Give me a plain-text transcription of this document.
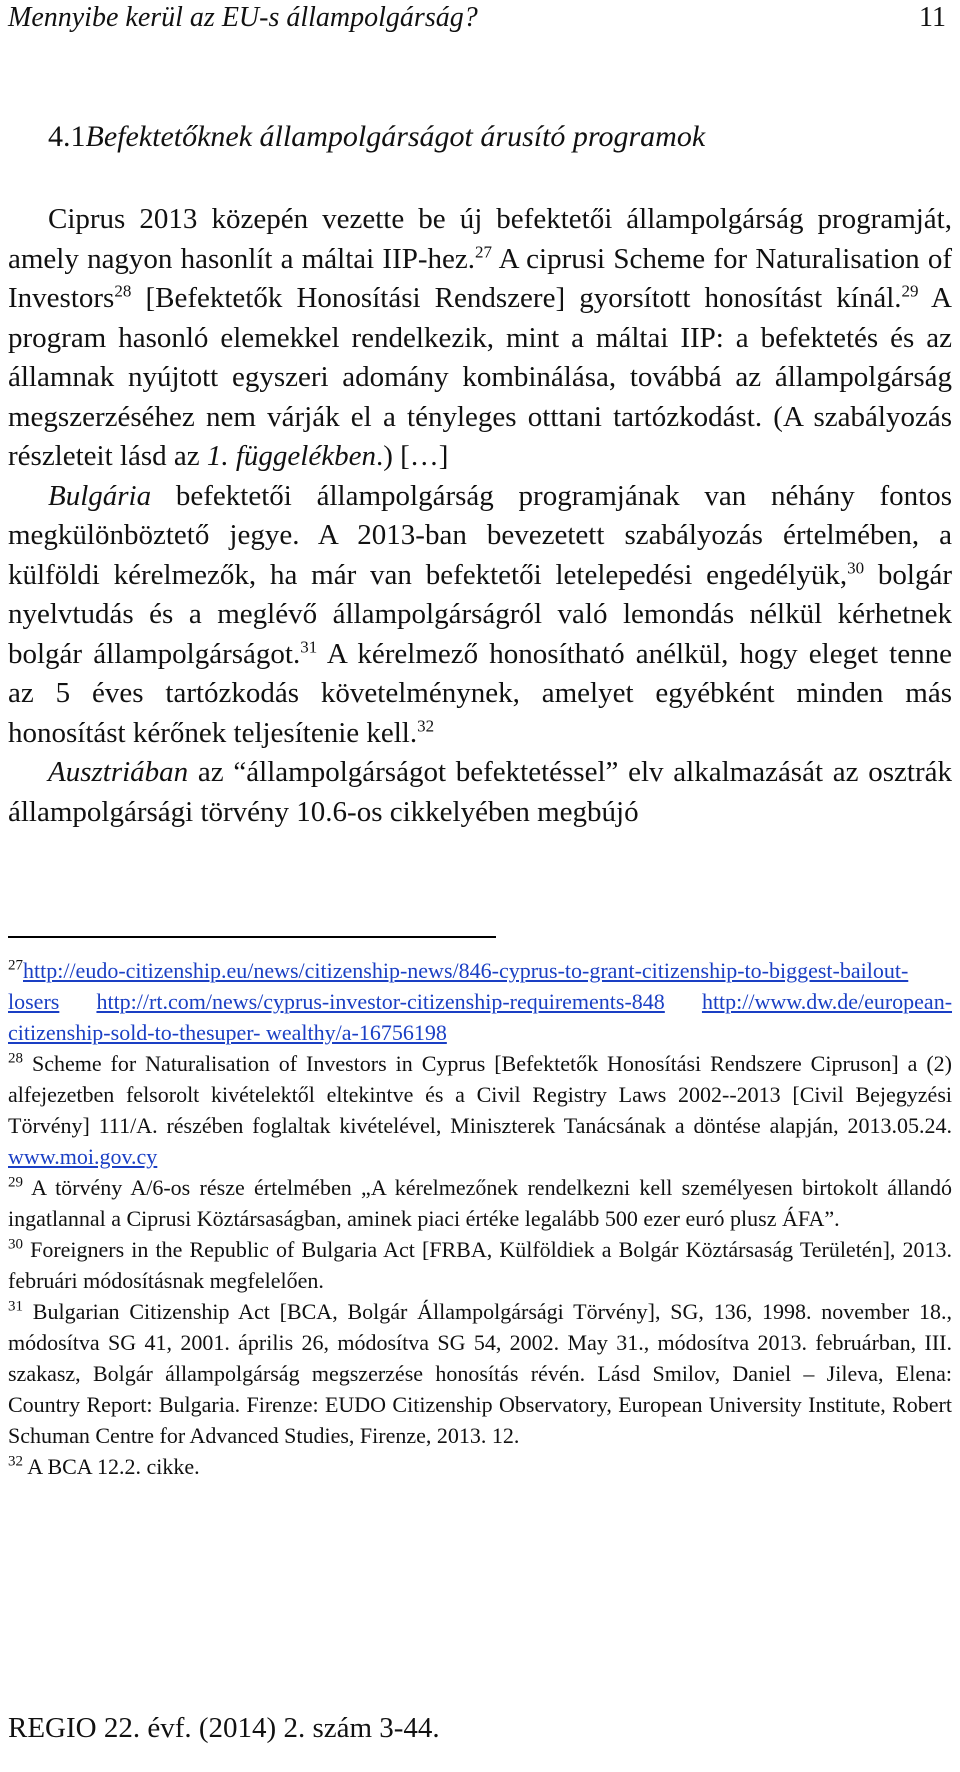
Mennyibe kerül az EU-s állampolgárság?	11
4.1Befektetőknek állampolgárságot árusító programok

Ciprus 2013 közepén vezette be új befektetői állampolgárság programját, amely nagyon hasonlít a máltai IIP-hez.$^{27}$ A ciprusi Scheme for Naturalisation of Investors$^{28}$ [Befektetők Honosítási Rendszere] gyorsított honosítást kínál.$^{29}$ A program hasonló elemekkel rendelkezik, mint a máltai IIP: a befektetés és az államnak nyújtott egyszeri adomány kombinálása, továbbá az állampolgárság megszerzéséhez nem várják el a tényleges otttani tartózkodást. (A szabályozás részleteit lásd az 1. függelékben.) […]

Bulgária befektetői állampolgárság programjának van néhány fontos megkülönböztető jegye. A 2013-ban bevezetett szabályozás értelmében, a külföldi kérelmezők, ha már van befektetői letelepedési engedélyük,$^{30}$ bolgár nyelvtudás és a meglévő állampolgárságról való lemondás nélkül kérhetnek bolgár állampolgárságot.$^{31}$ A kérelmező honosítható anélkül, hogy eleget tenne az 5 éves tartózkodás követelménynek, amelyet egyébként minden más honosítást kérőnek teljesítenie kell.$^{32}$

Ausztriában az “állampolgárságot befektetéssel” elv alkalmazását az osztrák állampolgársági törvény 10.6-os cikkelyében megbújó

$^{27}$http://eudo-citizenship.eu/news/citizenship-news/846-cyprus-to-grant-citizenship-to-biggest-bailout-losers http://rt.com/news/cyprus-investor-citizenship-requirements-848 http://www.dw.de/european-citizenship-sold-to-thesuper- wealthy/a-16756198

$^{28}$ Scheme for Naturalisation of Investors in Cyprus [Befektetők Honosítási Rendszere Cipruson] a (2) alfejezetben felsorolt kivételektől eltekintve és a Civil Registry Laws 2002--2013 [Civil Bejegyzési Törvény] 111/A. részében foglaltak kivételével, Miniszterek Tanácsának a döntése alapján, 2013.05.24. www.moi.gov.cy

$^{29}$ A törvény A/6-os része értelmében „A kérelmezőnek rendelkezni kell személyesen birtokolt állandó ingatlannal a Ciprusi Köztársaságban, aminek piaci értéke legalább 500 ezer euró plusz ÁFA”.

$^{30}$ Foreigners in the Republic of Bulgaria Act [FRBA, Külföldiek a Bolgár Köztársaság Területén], 2013. februári módosításnak megfelelően.

$^{31}$ Bulgarian Citizenship Act [BCA, Bolgár Állampolgársági Törvény], SG, 136, 1998. november 18., módosítva SG 41, 2001. április 26, módosítva SG 54, 2002. May 31., módosítva 2013. februárban, III. szakasz, Bolgár állampolgárság megszerzése honosítás révén. Lásd Smilov, Daniel – Jileva, Elena: Country Report: Bulgaria. Firenze: EUDO Citizenship Observatory, European University Institute, Robert Schuman Centre for Advanced Studies, Firenze, 2013. 12.

$^{32}$ A BCA 12.2. cikke.

REGIO 22. évf. (2014) 2. szám 3-44.
